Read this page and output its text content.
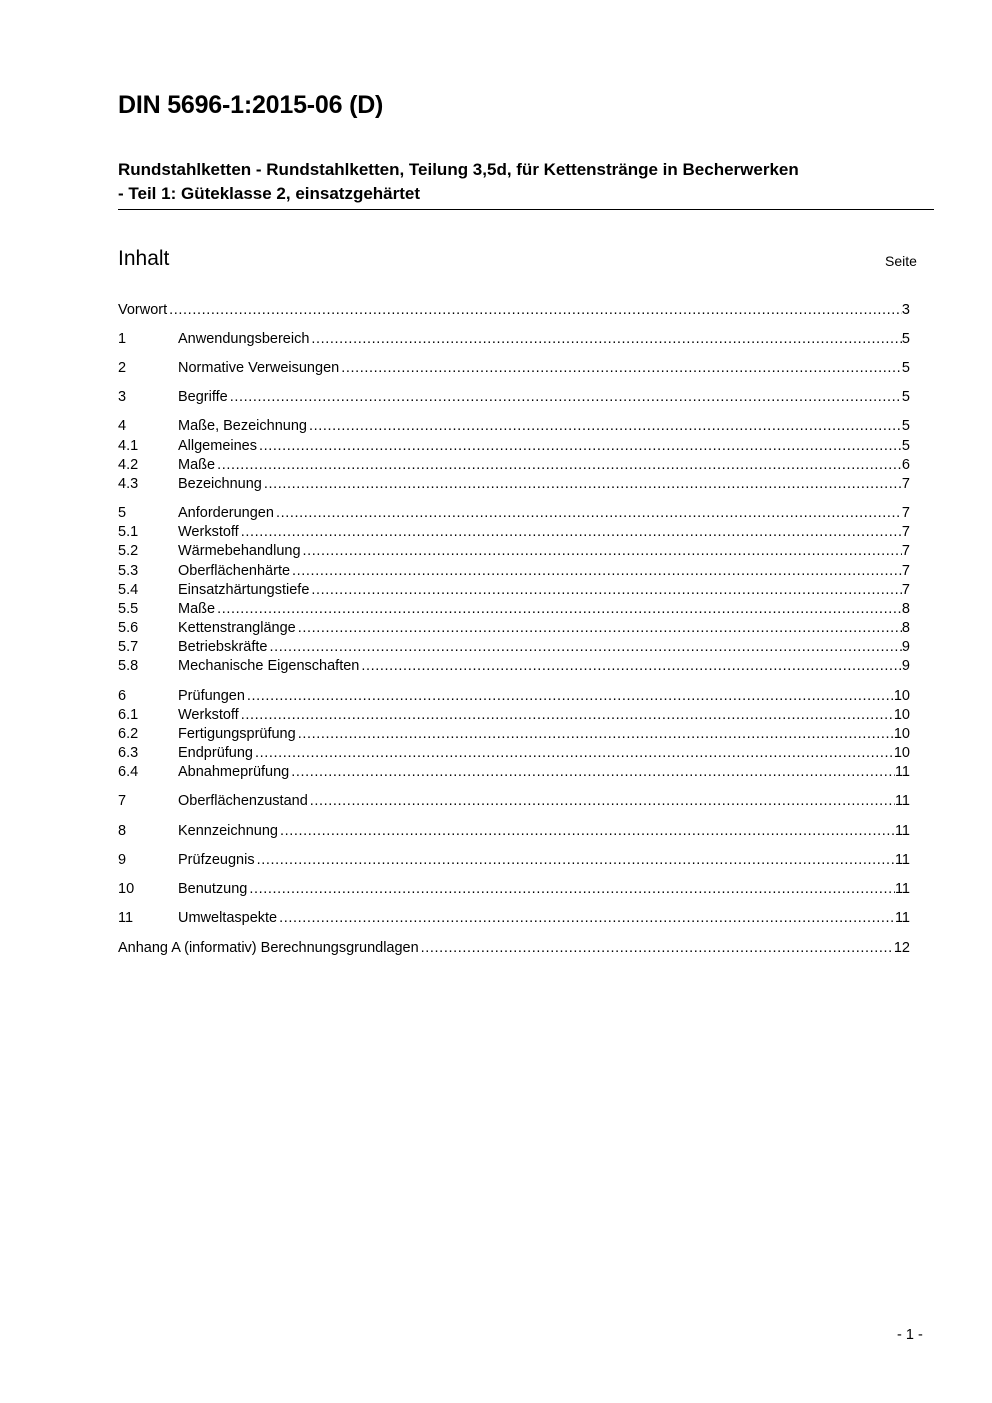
DIN 5696-1:2015-06 (D)
Rundstahlketten - Rundstahlketten, Teilung 3,5d, für Kettenstränge in Becherwerken
- Teil 1: Güteklasse 2, einsatzgehärtet
Inhalt	Seite
Vorwort .....	3
1	Anwendungsbereich .....	5
2	Normative Verweisungen .....	5
3	Begriffe .....	5
4	Maße, Bezeichnung .....	5
4.1	Allgemeines .....	5
4.2	Maße .....	6
4.3	Bezeichnung .....	7
5	Anforderungen .....	7
5.1	Werkstoff .....	7
5.2	Wärmebehandlung .....	7
5.3	Oberflächenhärte .....	7
5.4	Einsatzhärtungstiefe .....	7
5.5	Maße .....	8
5.6	Kettenstranglänge .....	8
5.7	Betriebskräfte .....	9
5.8	Mechanische Eigenschaften .....	9
6	Prüfungen .....	10
6.1	Werkstoff .....	10
6.2	Fertigungsprüfung .....	10
6.3	Endprüfung .....	10
6.4	Abnahmeprüfung .....	11
7	Oberflächenzustand .....	11
8	Kennzeichnung .....	11
9	Prüfzeugnis .....	11
10	Benutzung .....	11
11	Umweltaspekte .....	11
Anhang A (informativ) Berechnungsgrundlagen .....	12
- 1 -
